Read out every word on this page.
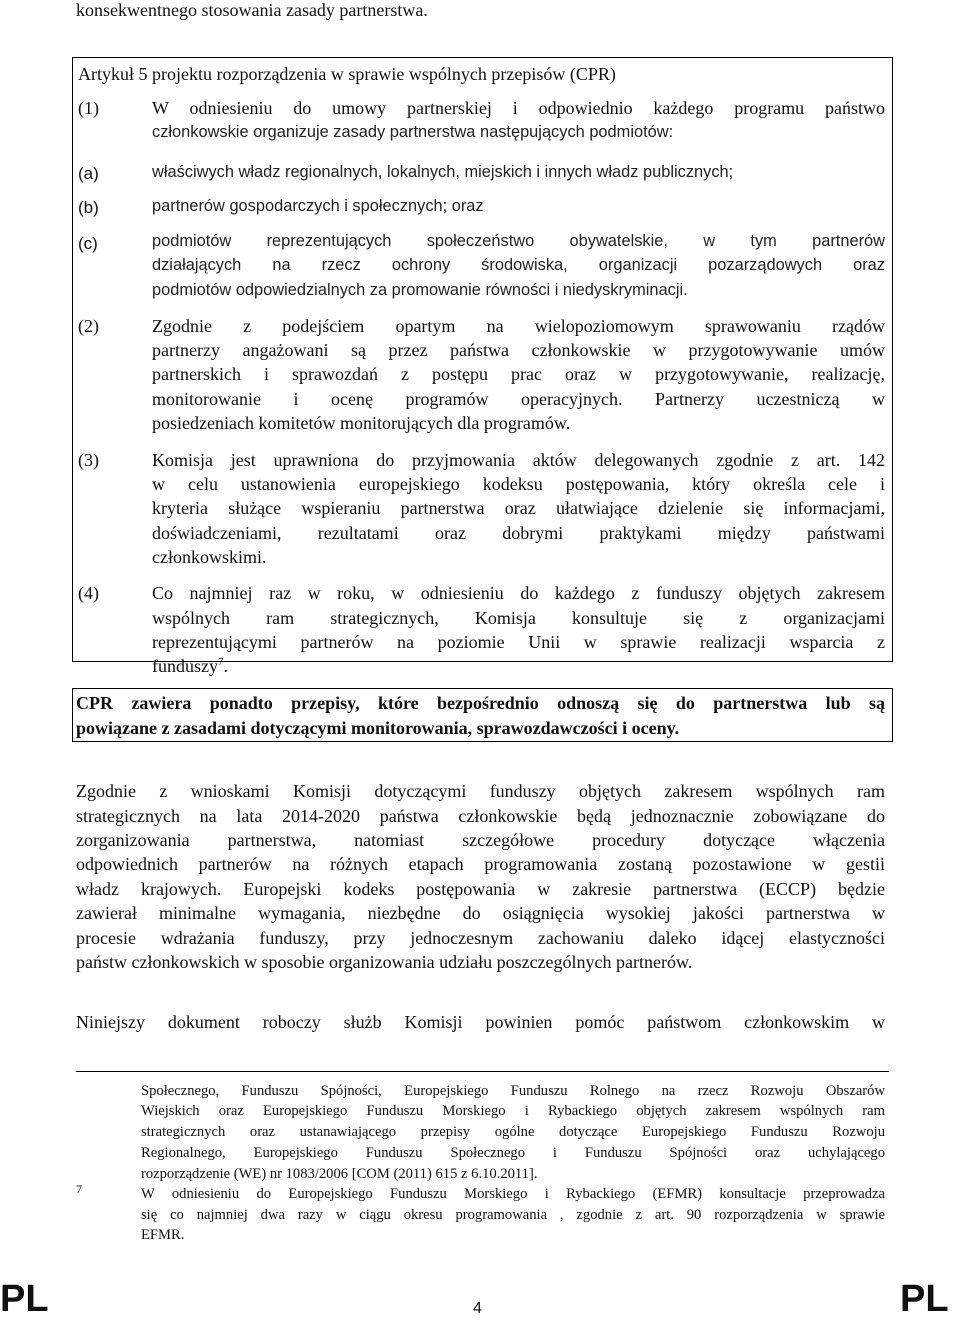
konsekwentnego stosowania zasady partnerstwa.
Artykuł 5 projektu rozporządzenia w sprawie wspólnych przepisów (CPR)
(1)	W odniesieniu do umowy partnerskiej i odpowiednio każdego programu państwo
członkowskie organizuje zasady partnerstwa następujących podmiotów:
(a)	właściwych władz regionalnych, lokalnych, miejskich i innych władz publicznych;
(b)	partnerów gospodarczych i społecznych; oraz
(c)	podmiotów reprezentujących społeczeństwo obywatelskie, w tym partnerów
działających na rzecz ochrony środowiska, organizacji pozarządowych oraz
podmiotów odpowiedzialnych za promowanie równości i niedyskryminacji.
(2)	Zgodnie z podejściem opartym na wielopoziomowym sprawowaniu rządów
partnerzy angażowani są przez państwa członkowskie w przygotowywanie umów
partnerskich i sprawozdań z postępu prac oraz w przygotowywanie, realizację,
monitorowanie i ocenę programów operacyjnych. Partnerzy uczestniczą w
posiedzeniach komitetów monitorujących dla programów.
(3)	Komisja jest uprawniona do przyjmowania aktów delegowanych zgodnie z art. 142
w celu ustanowienia europejskiego kodeksu postępowania, który określa cele i
kryteria służące wspieraniu partnerstwa oraz ułatwiające dzielenie się informacjami,
doświadczeniami, rezultatami oraz dobrymi praktykami między państwami
członkowskimi.
(4)	Co najmniej raz w roku, w odniesieniu do każdego z funduszy objętych zakresem
wspólnych ram strategicznych, Komisja konsultuje się z organizacjami
reprezentującymi partnerów na poziomie Unii w sprawie realizacji wsparcia z
funduszy$^7$.
CPR zawiera ponadto przepisy, które bezpośrednio odnoszą się do partnerstwa lub są
powiązane z zasadami dotyczącymi monitorowania, sprawozdawczości i oceny.
Zgodnie z wnioskami Komisji dotyczącymi funduszy objętych zakresem wspólnych ram
strategicznych na lata 2014-2020 państwa członkowskie będą jednoznacznie zobowiązane do
zorganizowania partnerstwa, natomiast szczegółowe procedury dotyczące włączenia
odpowiednich partnerów na różnych etapach programowania zostaną pozostawione w gestii
władz krajowych. Europejski kodeks postępowania w zakresie partnerstwa (ECCP) będzie
zawierał minimalne wymagania, niezbędne do osiągnięcia wysokiej jakości partnerstwa w
procesie wdrażania funduszy, przy jednoczesnym zachowaniu daleko idącej elastyczności
państw członkowskich w sposobie organizowania udziału poszczególnych partnerów.
Niniejszy dokument roboczy służb Komisji powinien pomóc państwom członkowskim w
7
Społecznego, Funduszu Spójności, Europejskiego Funduszu Rolnego na rzecz Rozwoju Obszarów
Wiejskich oraz Europejskiego Funduszu Morskiego i Rybackiego objętych zakresem wspólnych ram
strategicznych oraz ustanawiającego przepisy ogólne dotyczące Europejskiego Funduszu Rozwoju
Regionalnego, Europejskiego Funduszu Społecznego i Funduszu Spójności oraz uchylającego
rozporządzenie (WE) nr 1083/2006 [COM (2011) 615 z 6.10.2011].
W odniesieniu do Europejskiego Funduszu Morskiego i Rybackiego (EFMR) konsultacje przeprowadza
się co najmniej dwa razy w ciągu okresu programowania , zgodnie z art. 90 rozporządzenia w sprawie
EFMR.
PL	4	PL
